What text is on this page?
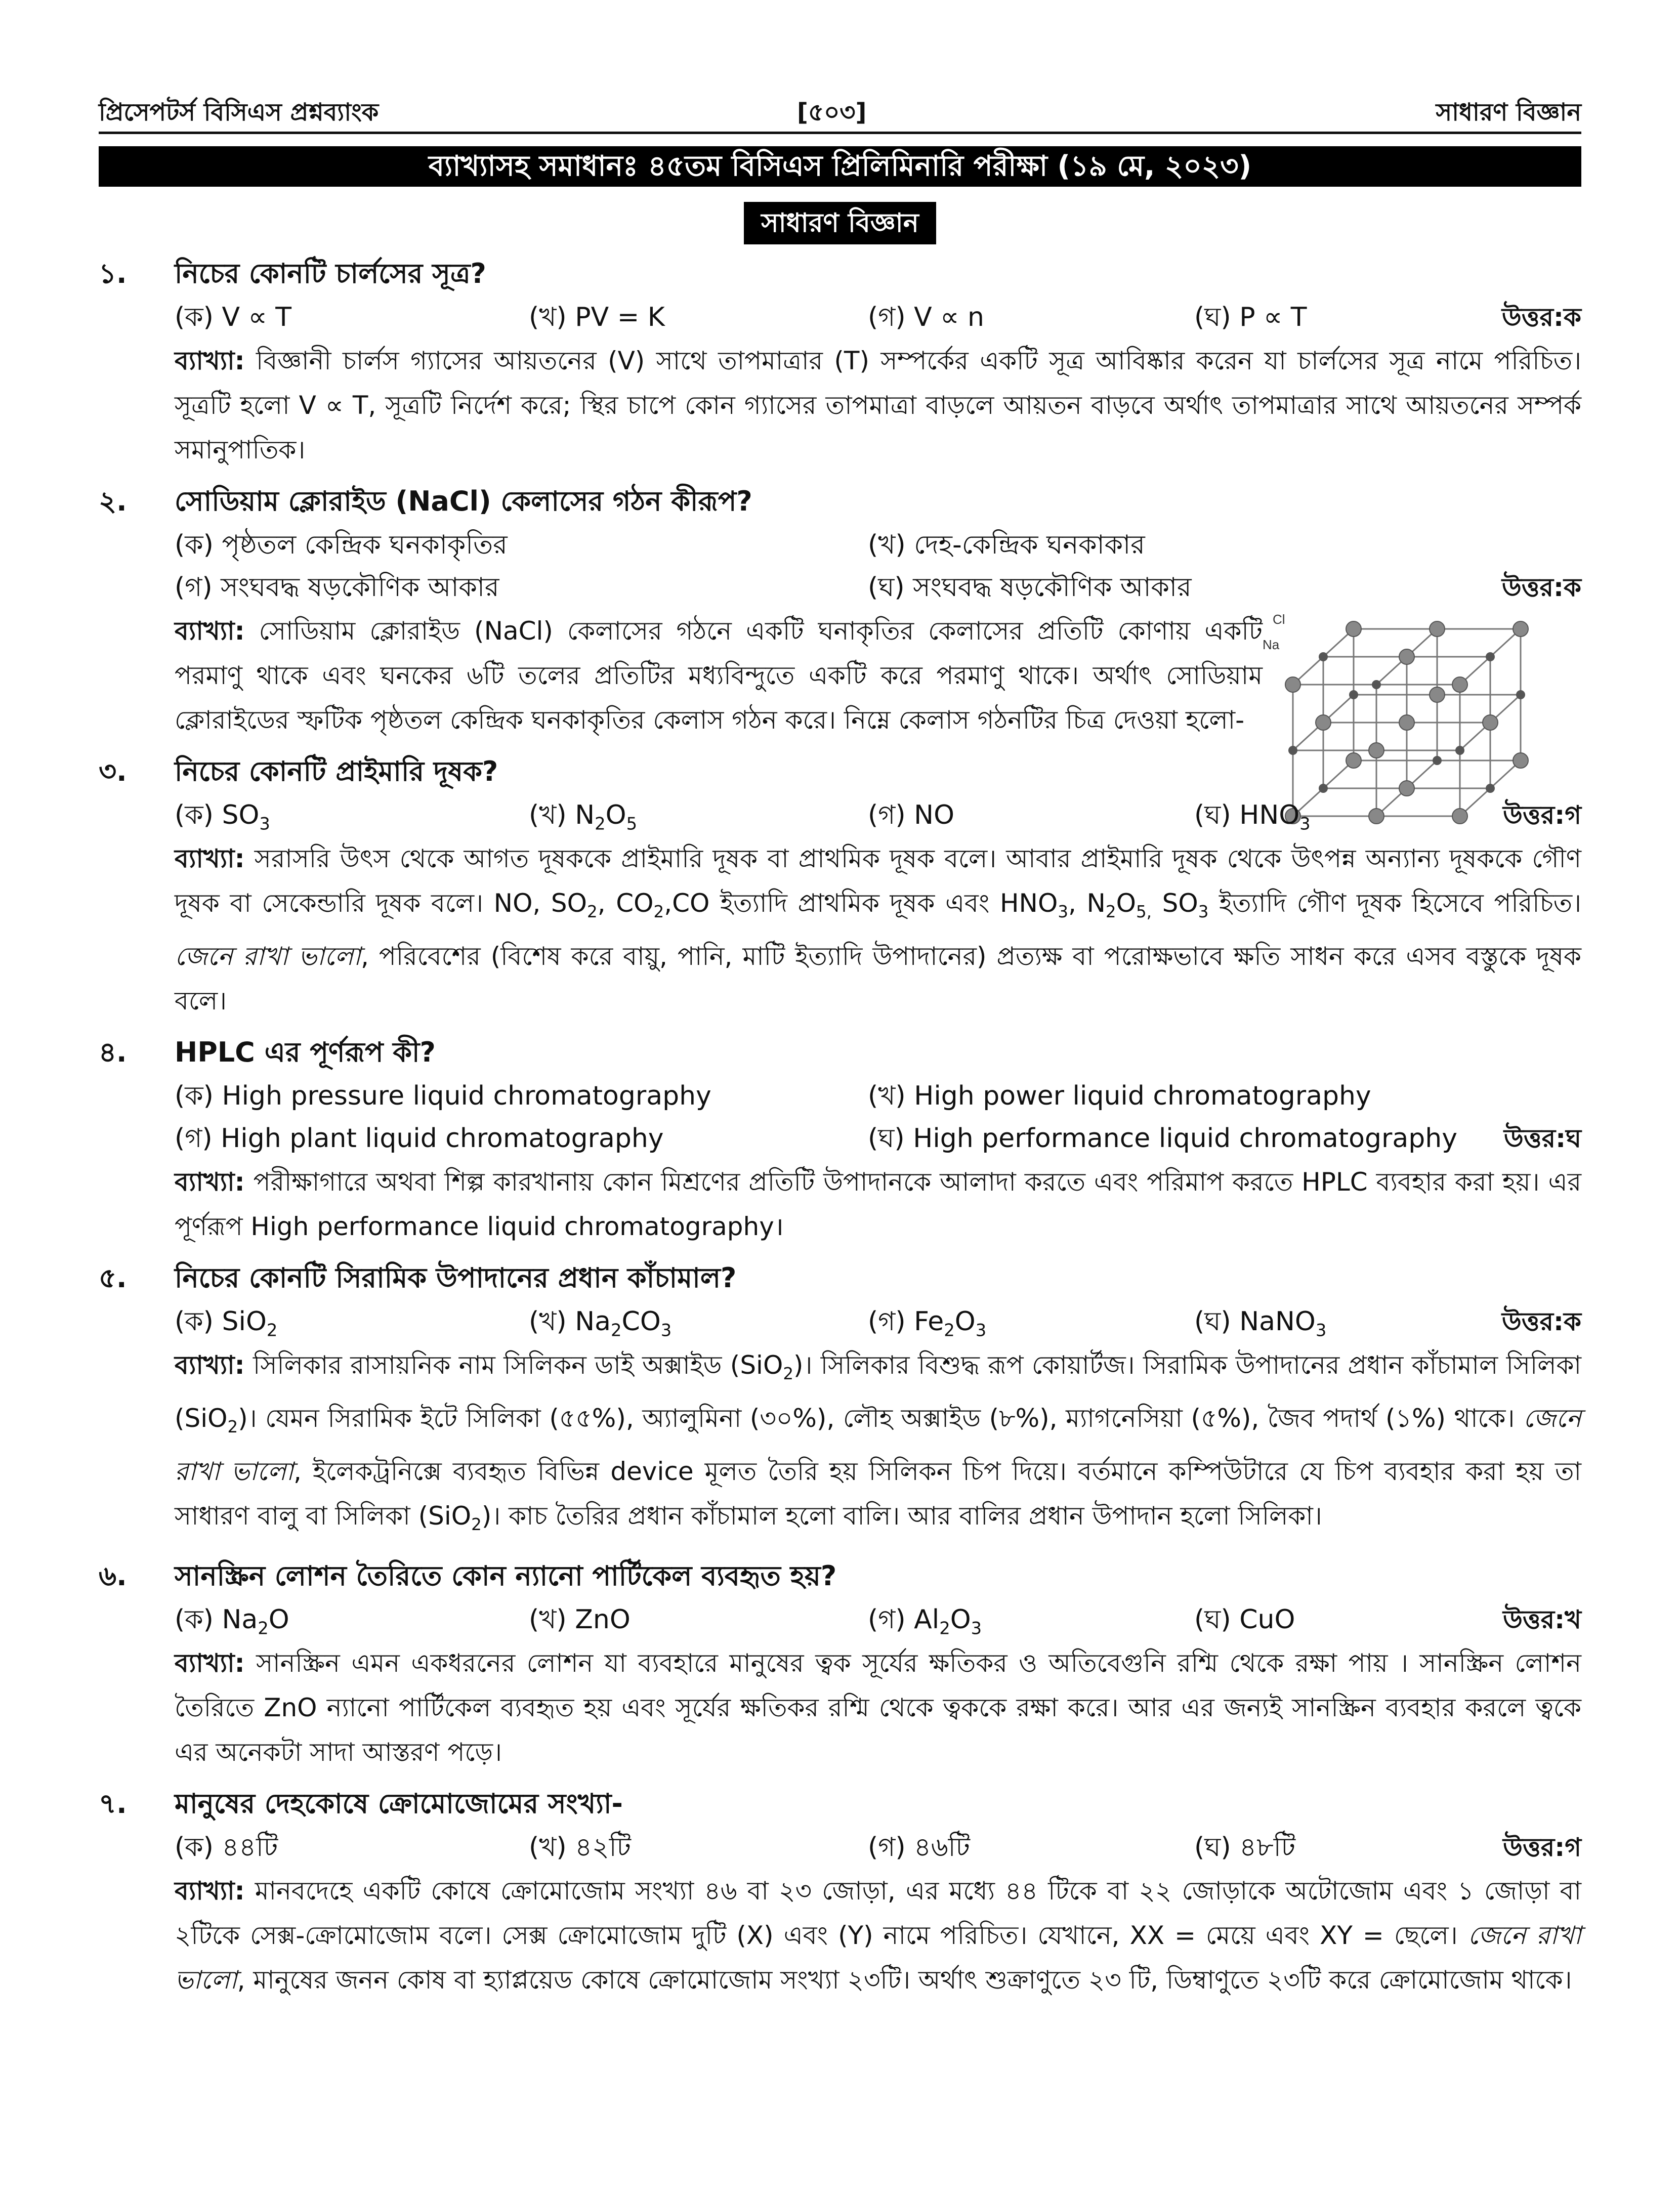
প্রিসেপটর্স বিসিএস প্রশ্নব্যাংক	[৫০৩]	সাধারণ বিজ্ঞান
ব্যাখ্যাসহ সমাধানঃ ৪৫তম বিসিএস প্রিলিমিনারি পরীক্ষা (১৯ মে, ২০২৩)
সাধারণ বিজ্ঞান
১.	নিচের কোনটি চার্লসের সূত্র?
(ক) V ∝ T	(খ) PV = K	(গ) V ∝ n	(ঘ) P ∝ T	উত্তর:ক
ব্যাখ্যা: বিজ্ঞানী চার্লস গ্যাসের আয়তনের (V) সাথে তাপমাত্রার (T) সম্পর্কের একটি সূত্র আবিষ্কার করেন যা চার্লসের সূত্র নামে পরিচিত। সূত্রটি হলো V ∝ T, সূত্রটি নির্দেশ করে; স্থির চাপে কোন গ্যাসের তাপমাত্রা বাড়লে আয়তন বাড়বে অর্থাৎ তাপমাত্রার সাথে আয়তনের সম্পর্ক সমানুপাতিক।
২.	সোডিয়াম ক্লোরাইড (NaCl) কেলাসের গঠন কীরূপ?
(ক) পৃষ্ঠতল কেন্দ্রিক ঘনকাকৃতির	(খ) দেহ-কেন্দ্রিক ঘনকাকার
(গ) সংঘবদ্ধ ষড়কৌণিক আকার	(ঘ) সংঘবদ্ধ ষড়কৌণিক আকার	উত্তর:ক
ব্যাখ্যা: সোডিয়াম ক্লোরাইড (NaCl) কেলাসের গঠনে একটি ঘনাকৃতির কেলাসের প্রতিটি কোণায় একটি পরমাণু থাকে এবং ঘনকের ৬টি তলের প্রতিটির মধ্যবিন্দুতে একটি করে পরমাণু থাকে। অর্থাৎ সোডিয়াম ক্লোরাইডের স্ফটিক পৃষ্ঠতল কেন্দ্রিক ঘনকাকৃতির কেলাস গঠন করে। নিম্নে কেলাস গঠনটির চিত্র দেওয়া হলো-
Cl
Na
৩.	নিচের কোনটি প্রাইমারি দূষক?
(ক) $SO_3$	(খ) $N_2O_5$	(গ) NO	(ঘ) $HNO_3$	উত্তর:গ
ব্যাখ্যা: সরাসরি উৎস থেকে আগত দূষককে প্রাইমারি দূষক বা প্রাথমিক দূষক বলে। আবার প্রাইমারি দূষক থেকে উৎপন্ন অন্যান্য দূষককে গৌণ দূষক বা সেকেন্ডারি দূষক বলে। NO, $SO_2$, $CO_2,CO$ ইত্যাদি প্রাথমিক দূষক এবং $HNO_3$, $N_2O_{5,}$ $SO_3$ ইত্যাদি গৌণ দূষক হিসেবে পরিচিত। জেনে রাখা ভালো, পরিবেশের (বিশেষ করে বায়ু, পানি, মাটি ইত্যাদি উপাদানের) প্রত্যক্ষ বা পরোক্ষভাবে ক্ষতি সাধন করে এসব বস্তুকে দূষক বলে।
৪.	HPLC এর পূর্ণরূপ কী?
(ক) High pressure liquid chromatography	(খ) High power liquid chromatography
(গ) High plant liquid chromatography	(ঘ) High performance liquid chromatography উত্তর:ঘ
ব্যাখ্যা: পরীক্ষাগারে অথবা শিল্প কারখানায় কোন মিশ্রণের প্রতিটি উপাদানকে আলাদা করতে এবং পরিমাপ করতে HPLC ব্যবহার করা হয়। এর পূর্ণরূপ High performance liquid chromatography।
৫.	নিচের কোনটি সিরামিক উপাদানের প্রধান কাঁচামাল?
(ক) SiO$_2$	(খ) $Na_2CO_3$	(গ) $Fe_2O_3$	(ঘ) NaNO$_3$	উত্তর:ক
ব্যাখ্যা: সিলিকার রাসায়নিক নাম সিলিকন ডাই অক্সাইড (SiO$_2$)। সিলিকার বিশুদ্ধ রূপ কোয়ার্টজ। সিরামিক উপাদানের প্রধান কাঁচামাল সিলিকা (SiO$_2$)। যেমন সিরামিক ইটে সিলিকা (৫৫%), অ্যালুমিনা (৩০%), লৌহ অক্সাইড (৮%), ম্যাগনেসিয়া (৫%), জৈব পদার্থ (১%) থাকে। জেনে রাখা ভালো, ইলেকট্রনিক্সে ব্যবহৃত বিভিন্ন device মূলত তৈরি হয় সিলিকন চিপ দিয়ে। বর্তমানে কম্পিউটারে যে চিপ ব্যবহার করা হয় তা সাধারণ বালু বা সিলিকা (SiO$_2$)। কাচ তৈরির প্রধান কাঁচামাল হলো বালি। আর বালির প্রধান উপাদান হলো সিলিকা।
৬.	সানস্ক্রিন লোশন তৈরিতে কোন ন্যানো পার্টিকেল ব্যবহৃত হয়?
(ক) $Na_2O$	(খ) ZnO	(গ) $Al_2O_3$	(ঘ) CuO	উত্তর:খ
ব্যাখ্যা: সানস্ক্রিন এমন একধরনের লোশন যা ব্যবহারে মানুষের ত্বক সূর্যের ক্ষতিকর ও অতিবেগুনি রশ্মি থেকে রক্ষা পায় । সানস্ক্রিন লোশন তৈরিতে ZnO ন্যানো পার্টিকেল ব্যবহৃত হয় এবং সূর্যের ক্ষতিকর রশ্মি থেকে ত্বককে রক্ষা করে। আর এর জন্যই সানস্ক্রিন ব্যবহার করলে ত্বকে এর অনেকটা সাদা আস্তরণ পড়ে।
৭.	মানুষের দেহকোষে ক্রোমোজোমের সংখ্যা-
(ক) ৪৪টি	(খ) ৪২টি	(গ) ৪৬টি	(ঘ) ৪৮টি	উত্তর:গ
ব্যাখ্যা: মানবদেহে একটি কোষে ক্রোমোজোম সংখ্যা ৪৬ বা ২৩ জোড়া, এর মধ্যে ৪৪ টিকে বা ২২ জোড়াকে অটোজোম এবং ১ জোড়া বা ২টিকে সেক্স-ক্রোমোজোম বলে। সেক্স ক্রোমোজোম দুটি (X) এবং (Y) নামে পরিচিত। যেখানে, XX = মেয়ে এবং XY = ছেলে। জেনে রাখা ভালো, মানুষের জনন কোষ বা হ্যাপ্লয়েড কোষে ক্রোমোজোম সংখ্যা ২৩টি। অর্থাৎ শুক্রাণুতে ২৩ টি, ডিম্বাণুতে ২৩টি করে ক্রোমোজোম থাকে।
